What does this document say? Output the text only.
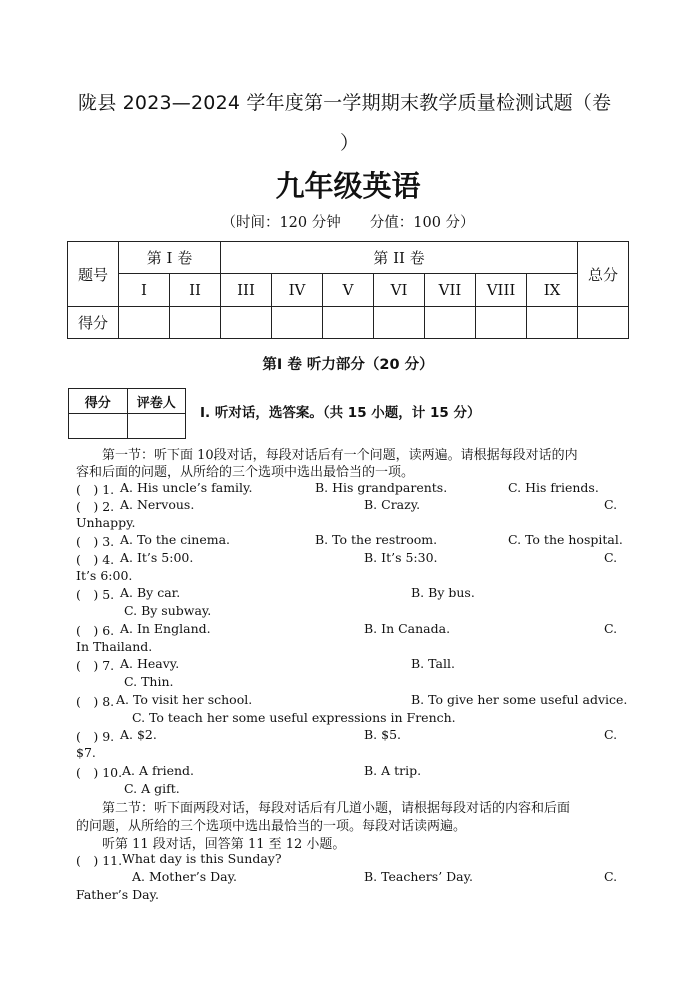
陇县 2023—2024 学年度第一学期期末教学质量检测试题（卷
）
九年级英语
（时间：120 分钟　　分值：100 分）
题号	第 I 卷		第 II 卷							总分
	I	II	III	IV	V	VI	VII	VIII	IX	
得分										
第Ⅰ 卷 听力部分（20 分）
得分	评卷人

I. 听对话，选答案。（共 15 小题，计 15 分）
第一节：听下面 10段对话，每段对话后有一个问题，读两遍。请根据每段对话的内
容和后面的问题，从所给的三个选项中选出最恰当的一项。
(　) 1. A. His uncle’s family.	B. His grandparents.	C. His friends.
(　) 2. A. Nervous.	B. Crazy.	C.
Unhappy.
(　) 3. A. To the cinema.	B. To the restroom.	C. To the hospital.
(　) 4. A. It’s 5:00.	B. It’s 5:30.	C.
It’s 6:00.
(　) 5. A. By car.	B. By bus.
C. By subway.
(　) 6. A. In England.	B. In Canada.	C.
In Thailand.
(　) 7. A. Heavy.	B. Tall.
C. Thin.
(　) 8. A. To visit her school.	B. To give her some useful advice.
C. To teach her some useful expressions in French.
(　) 9. A. $2.	B. $5.	C.
$7.
(　) 10. A. A friend.	B. A trip.
C. A gift.
第二节：听下面两段对话，每段对话后有几道小题，请根据每段对话的内容和后面
的问题，从所给的三个选项中选出最恰当的一项。每段对话读两遍。
听第 11 段对话，回答第 11 至 12 小题。
(　) 11. What day is this Sunday?
A. Mother’s Day.	B. Teachers’ Day.	C.
Father’s Day.
